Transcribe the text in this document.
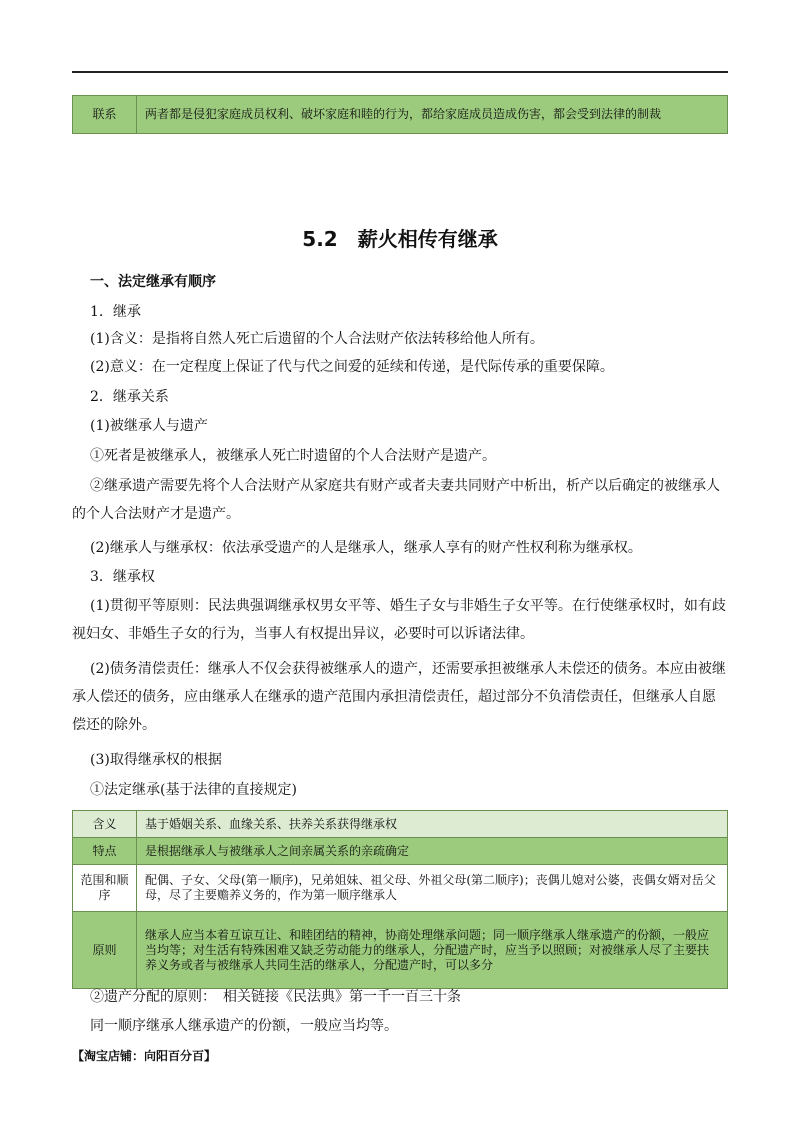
联系	两者都是侵犯家庭成员权利、破坏家庭和睦的行为，都给家庭成员造成伤害，都会受到法律的制裁
5.2　薪火相传有继承
一、法定继承有顺序

1．继承

(1)含义：是指将自然人死亡后遗留的个人合法财产依法转移给他人所有。

(2)意义：在一定程度上保证了代与代之间爱的延续和传递，是代际传承的重要保障。

2．继承关系

(1)被继承人与遗产

①死者是被继承人，被继承人死亡时遗留的个人合法财产是遗产。

②继承遗产需要先将个人合法财产从家庭共有财产或者夫妻共同财产中析出，析产以后确定的被继承人的个人合法财产才是遗产。

(2)继承人与继承权：依法承受遗产的人是继承人，继承人享有的财产性权利称为继承权。

3．继承权

(1)贯彻平等原则：民法典强调继承权男女平等、婚生子女与非婚生子女平等。在行使继承权时，如有歧视妇女、非婚生子女的行为，当事人有权提出异议，必要时可以诉诸法律。

(2)债务清偿责任：继承人不仅会获得被继承人的遗产，还需要承担被继承人未偿还的债务。本应由被继承人偿还的债务，应由继承人在继承的遗产范围内承担清偿责任，超过部分不负清偿责任，但继承人自愿偿还的除外。

(3)取得继承权的根据

①法定继承(基于法律的直接规定)

含义	基于婚姻关系、血缘关系、扶养关系获得继承权
特点	是根据继承人与被继承人之间亲属关系的亲疏确定
范围和顺序	配偶、子女、父母(第一顺序)，兄弟姐妹、祖父母、外祖父母(第二顺序)；丧偶儿媳对公婆，丧偶女婿对岳父母，尽了主要赡养义务的，作为第一顺序继承人
原则	继承人应当本着互谅互让、和睦团结的精神，协商处理继承问题；同一顺序继承人继承遗产的份额，一般应当均等；对生活有特殊困难又缺乏劳动能力的继承人，分配遗产时，应当予以照顾；对被继承人尽了主要扶养义务或者与被继承人共同生活的继承人，分配遗产时，可以多分

②遗产分配的原则：　相关链接《民法典》第一千一百三十条

同一顺序继承人继承遗产的份额，一般应当均等。

【淘宝店铺：向阳百分百】
